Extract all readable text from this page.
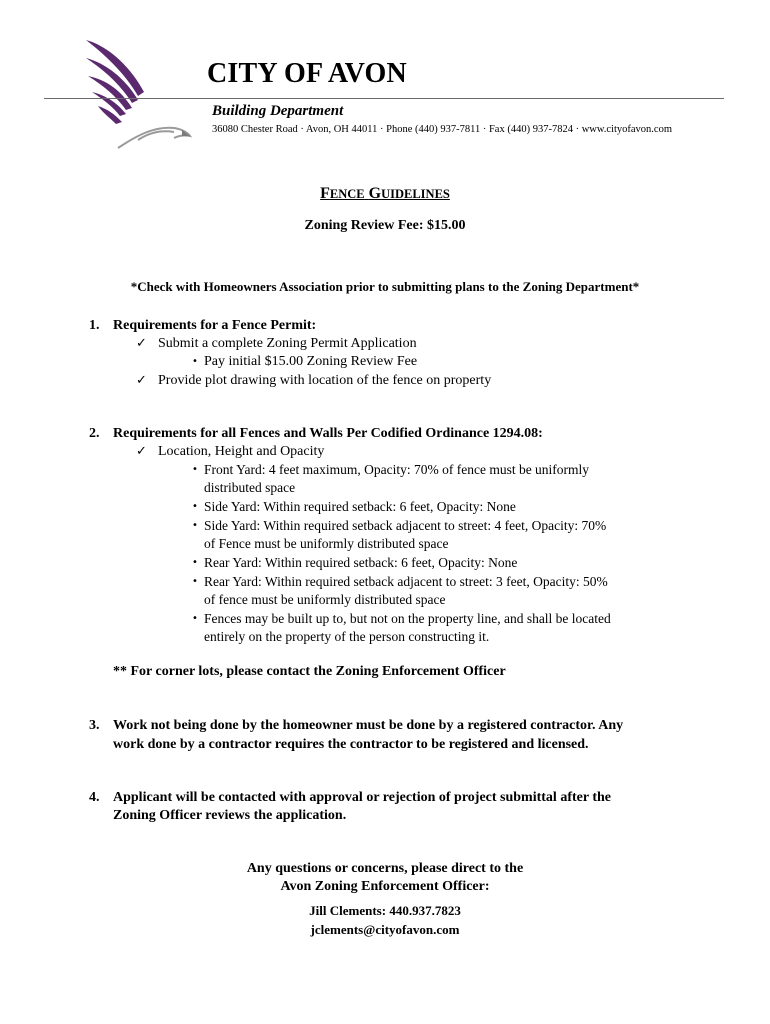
CITY OF AVON
Building Department
36080 Chester Road · Avon, OH 44011 · Phone (440) 937-7811 · Fax (440) 937-7824 · www.cityofavon.com
FENCE GUIDELINES
Zoning Review Fee: $15.00
*Check with Homeowners Association prior to submitting plans to the Zoning Department*
1. Requirements for a Fence Permit:
✓ Submit a complete Zoning Permit Application
• Pay initial $15.00 Zoning Review Fee
✓ Provide plot drawing with location of the fence on property
2. Requirements for all Fences and Walls Per Codified Ordinance 1294.08:
✓ Location, Height and Opacity
• Front Yard: 4 feet maximum, Opacity: 70% of fence must be uniformly
distributed space
• Side Yard: Within required setback: 6 feet, Opacity: None
• Side Yard: Within required setback adjacent to street: 4 feet, Opacity: 70%
of Fence must be uniformly distributed space
• Rear Yard: Within required setback: 6 feet, Opacity: None
• Rear Yard: Within required setback adjacent to street: 3 feet, Opacity: 50%
of fence must be uniformly distributed space
• Fences may be built up to, but not on the property line, and shall be located
entirely on the property of the person constructing it.
** For corner lots, please contact the Zoning Enforcement Officer
3. Work not being done by the homeowner must be done by a registered contractor. Any
work done by a contractor requires the contractor to be registered and licensed.
4. Applicant will be contacted with approval or rejection of project submittal after the
Zoning Officer reviews the application.
Any questions or concerns, please direct to the
Avon Zoning Enforcement Officer:
Jill Clements: 440.937.7823
jclements@cityofavon.com
